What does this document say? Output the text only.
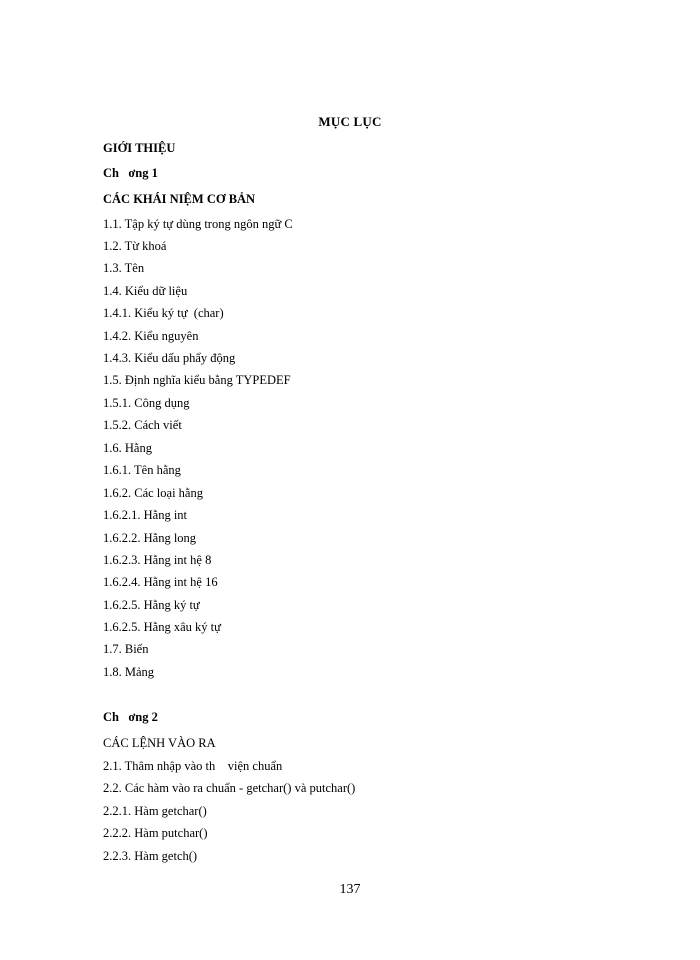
MỤC LỤC
GIỚI THIỆU
Ch   ơng 1
CÁC KHÁI NIỆM CƠ BẢN
1.1. Tập ký tự dùng trong ngôn ngữ C
1.2. Từ khoá
1.3. Tên
1.4. Kiểu dữ liệu
1.4.1. Kiểu ký tự  (char)
1.4.2. Kiểu nguyên
1.4.3. Kiểu dấu phẩy động
1.5. Định nghĩa kiểu bằng TYPEDEF
1.5.1. Công dụng
1.5.2. Cách viết
1.6. Hằng
1.6.1. Tên hằng
1.6.2. Các loại hằng
1.6.2.1. Hằng int
1.6.2.2. Hằng long
1.6.2.3. Hằng int hệ 8
1.6.2.4. Hằng int hệ 16
1.6.2.5. Hằng ký tự
1.6.2.5. Hằng xâu ký tự
1.7. Biến
1.8. Mảng
Ch   ơng 2
CÁC LỆNH VÀO RA
2.1. Thâm nhập vào th    viện chuẩn
2.2. Các hàm vào ra chuẩn - getchar() và putchar()
2.2.1. Hàm getchar()
2.2.2. Hàm putchar()
2.2.3. Hàm getch()
137
